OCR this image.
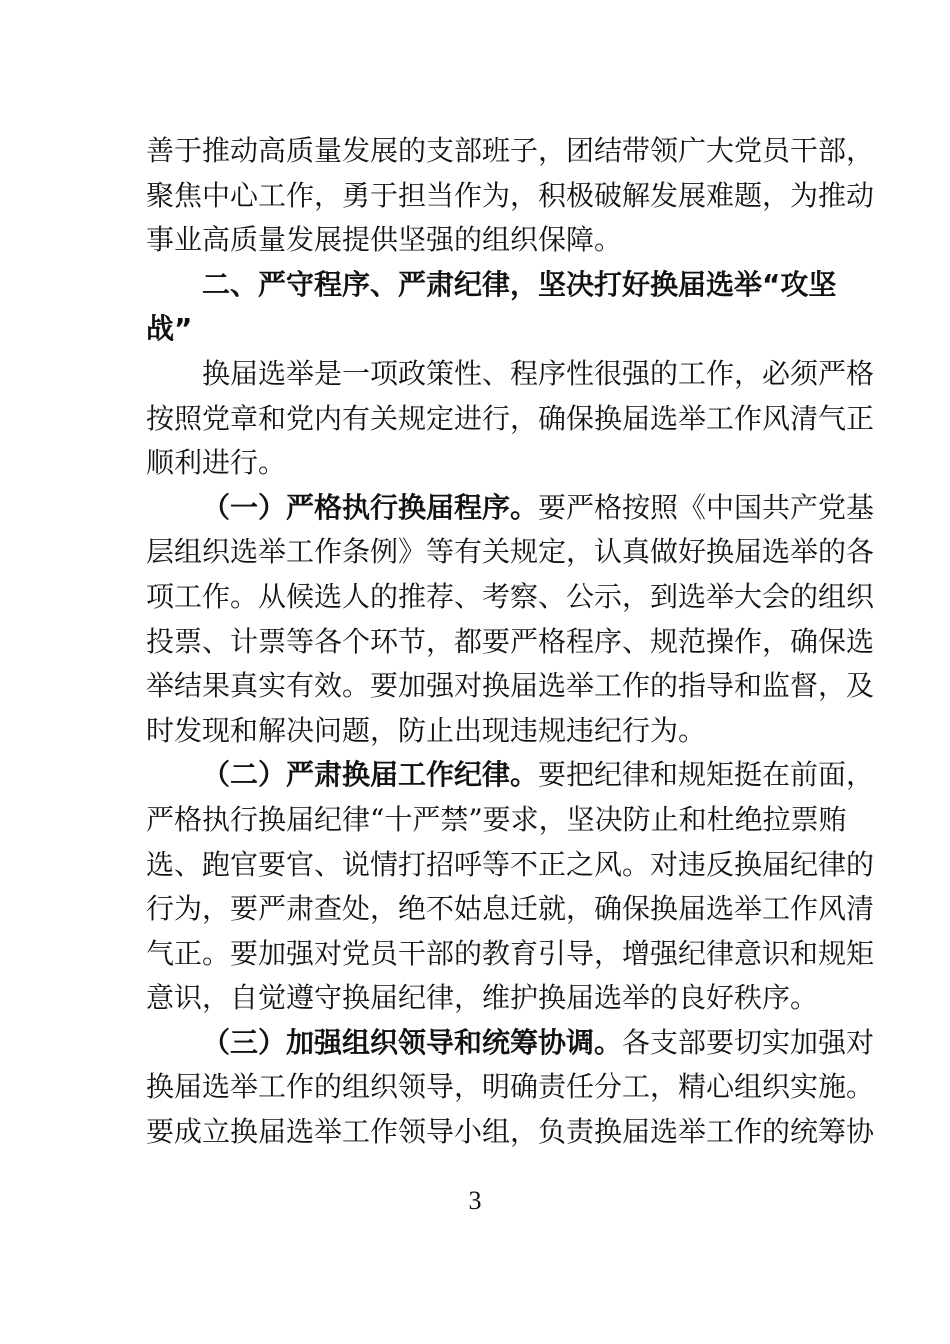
善于推动高质量发展的支部班子，团结带领广大党员干部，
聚焦中心工作，勇于担当作为，积极破解发展难题，为推动
事业高质量发展提供坚强的组织保障。
二、严守程序、严肃纪律，坚决打好换届选举“攻坚
战”
换届选举是一项政策性、程序性很强的工作，必须严格
按照党章和党内有关规定进行，确保换届选举工作风清气正
顺利进行。
（一）严格执行换届程序。要严格按照《中国共产党基
层组织选举工作条例》等有关规定，认真做好换届选举的各
项工作。从候选人的推荐、考察、公示，到选举大会的组织
投票、计票等各个环节，都要严格程序、规范操作，确保选
举结果真实有效。要加强对换届选举工作的指导和监督，及
时发现和解决问题，防止出现违规违纪行为。
（二）严肃换届工作纪律。要把纪律和规矩挺在前面，
严格执行换届纪律“十严禁”要求，坚决防止和杜绝拉票贿
选、跑官要官、说情打招呼等不正之风。对违反换届纪律的
行为，要严肃查处，绝不姑息迁就，确保换届选举工作风清
气正。要加强对党员干部的教育引导，增强纪律意识和规矩
意识，自觉遵守换届纪律，维护换届选举的良好秩序。
（三）加强组织领导和统筹协调。各支部要切实加强对
换届选举工作的组织领导，明确责任分工，精心组织实施。
要成立换届选举工作领导小组，负责换届选举工作的统筹协
3
